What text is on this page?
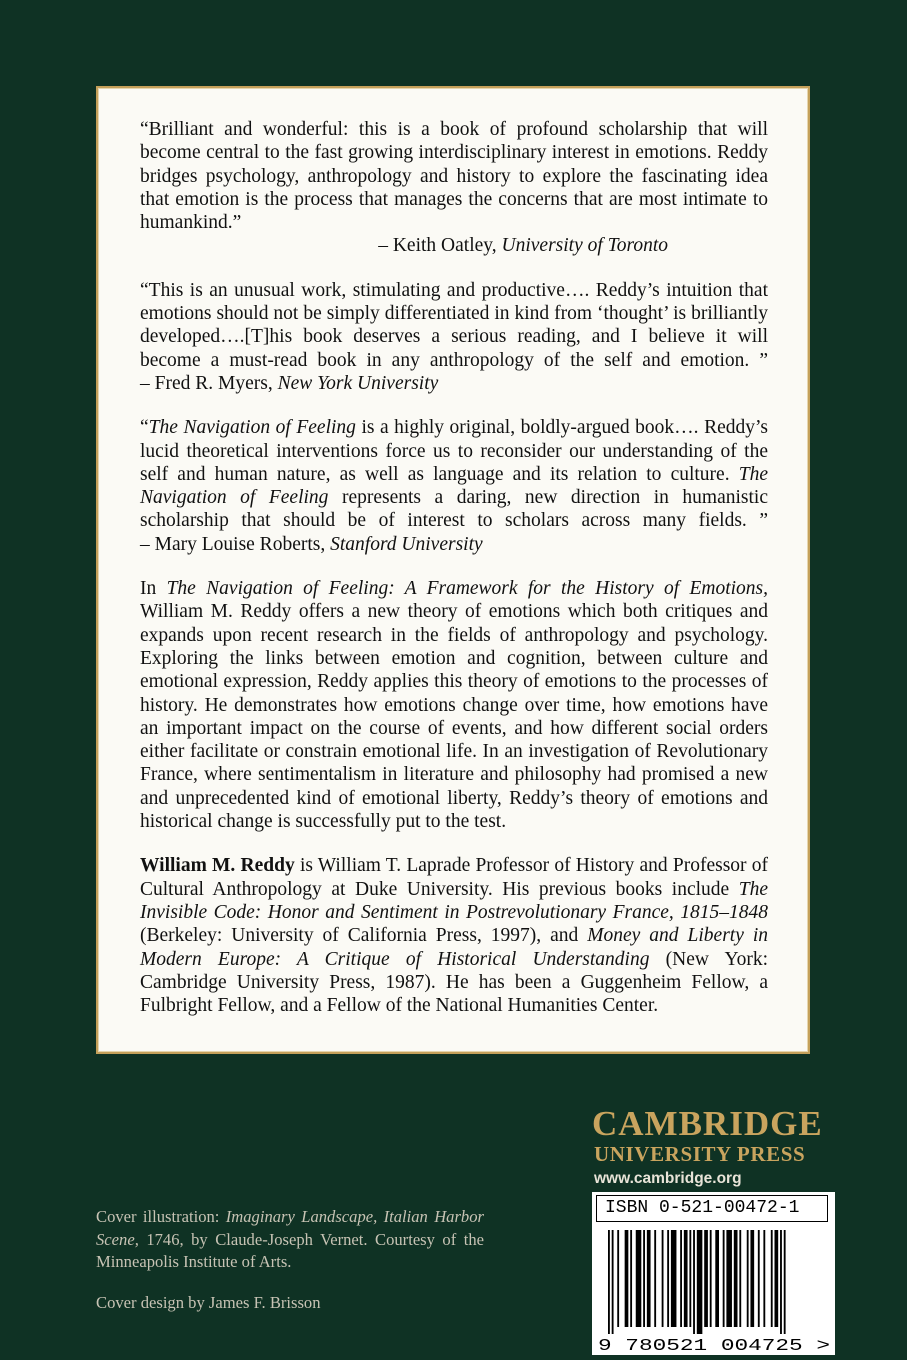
“Brilliant and wonderful: this is a book of profound scholarship that will become central to the fast growing interdisciplinary interest in emotions. Reddy bridges psychology, anthropology and history to explore the fascinating idea that emotion is the process that manages the concerns that are most intimate to humankind.”
– Keith Oatley, University of Toronto

“This is an unusual work, stimulating and productive…. Reddy’s intuition that emotions should not be simply differentiated in kind from ‘thought’ is brilliantly developed….[T]his book deserves a serious reading, and I believe it will become a must-read book in any anthropology of the self and emotion. ” – Fred R. Myers, New York University

“The Navigation of Feeling is a highly original, boldly-argued book…. Reddy’s lucid theoretical interventions force us to reconsider our understanding of the self and human nature, as well as language and its relation to culture. The Navigation of Feeling represents a daring, new direction in humanistic scholarship that should be of interest to scholars across many fields. ” – Mary Louise Roberts, Stanford University

In The Navigation of Feeling: A Framework for the History of Emotions, William M. Reddy offers a new theory of emotions which both critiques and expands upon recent research in the fields of anthropology and psychology. Exploring the links between emotion and cognition, between culture and emotional expression, Reddy applies this theory of emotions to the processes of history. He demonstrates how emotions change over time, how emotions have an important impact on the course of events, and how different social orders either facilitate or constrain emotional life. In an investigation of Revolutionary France, where sentimentalism in literature and philosophy had promised a new and unprecedented kind of emotional liberty, Reddy’s theory of emotions and historical change is successfully put to the test.

William M. Reddy is William T. Laprade Professor of History and Professor of Cultural Anthropology at Duke University. His previous books include The Invisible Code: Honor and Sentiment in Postrevolutionary France, 1815–1848 (Berkeley: University of California Press, 1997), and Money and Liberty in Modern Europe: A Critique of Historical Understanding (New York: Cambridge University Press, 1987). He has been a Guggenheim Fellow, a Fulbright Fellow, and a Fellow of the National Humanities Center.

CAMBRIDGE
UNIVERSITY PRESS
www.cambridge.org
ISBN 0-521-00472-1
9 780521 004725 >

Cover illustration: Imaginary Landscape, Italian Harbor Scene, 1746, by Claude-Joseph Vernet. Courtesy of the Minneapolis Institute of Arts.

Cover design by James F. Brisson
